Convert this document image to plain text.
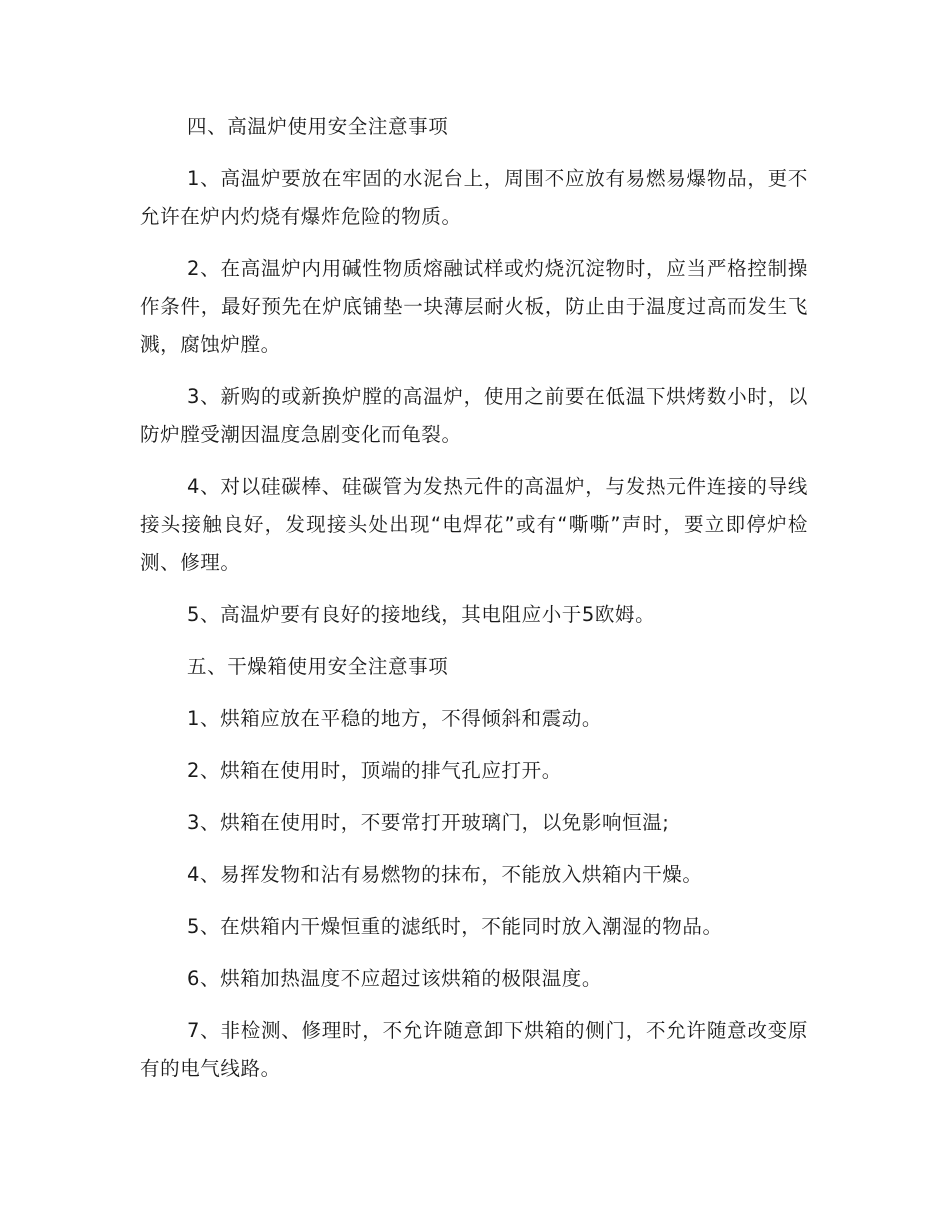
四、高温炉使用安全注意事项

1、高温炉要放在牢固的水泥台上，周围不应放有易燃易爆物品，更不允许在炉内灼烧有爆炸危险的物质。

2、在高温炉内用碱性物质熔融试样或灼烧沉淀物时，应当严格控制操作条件，最好预先在炉底铺垫一块薄层耐火板，防止由于温度过高而发生飞溅，腐蚀炉膛。

3、新购的或新换炉膛的高温炉，使用之前要在低温下烘烤数小时，以防炉膛受潮因温度急剧变化而龟裂。

4、对以硅碳棒、硅碳管为发热元件的高温炉，与发热元件连接的导线接头接触良好，发现接头处出现“电焊花”或有“嘶嘶”声时，要立即停炉检测、修理。

5、高温炉要有良好的接地线，其电阻应小于5欧姆。

五、干燥箱使用安全注意事项

1、烘箱应放在平稳的地方，不得倾斜和震动。

2、烘箱在使用时，顶端的排气孔应打开。

3、烘箱在使用时，不要常打开玻璃门，以免影响恒温;

4、易挥发物和沾有易燃物的抹布，不能放入烘箱内干燥。

5、在烘箱内干燥恒重的滤纸时，不能同时放入潮湿的物品。

6、烘箱加热温度不应超过该烘箱的极限温度。

7、非检测、修理时，不允许随意卸下烘箱的侧门，不允许随意改变原有的电气线路。
